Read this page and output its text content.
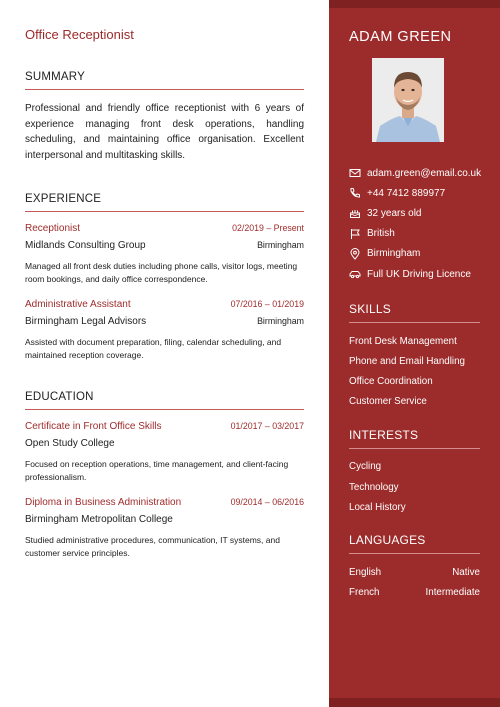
Office Receptionist
SUMMARY
Professional and friendly office receptionist with 6 years of experience managing front desk operations, handling scheduling, and maintaining office organisation. Excellent interpersonal and multitasking skills.
EXPERIENCE
Receptionist	02/2019 – Present
Midlands Consulting Group	Birmingham
Managed all front desk duties including phone calls, visitor logs, meeting room bookings, and daily office correspondence.
Administrative Assistant	07/2016 – 01/2019
Birmingham Legal Advisors	Birmingham
Assisted with document preparation, filing, calendar scheduling, and maintained reception coverage.
EDUCATION
Certificate in Front Office Skills	01/2017 – 03/2017
Open Study College
Focused on reception operations, time management, and client-facing professionalism.
Diploma in Business Administration	09/2014 – 06/2016
Birmingham Metropolitan College
Studied administrative procedures, communication, IT systems, and customer service principles.
ADAM GREEN
adam.green@email.co.uk
+44 7412 889977
32 years old
British
Birmingham
Full UK Driving Licence
SKILLS
Front Desk Management
Phone and Email Handling
Office Coordination
Customer Service
INTERESTS
Cycling
Technology
Local History
LANGUAGES
English	Native
French	Intermediate
